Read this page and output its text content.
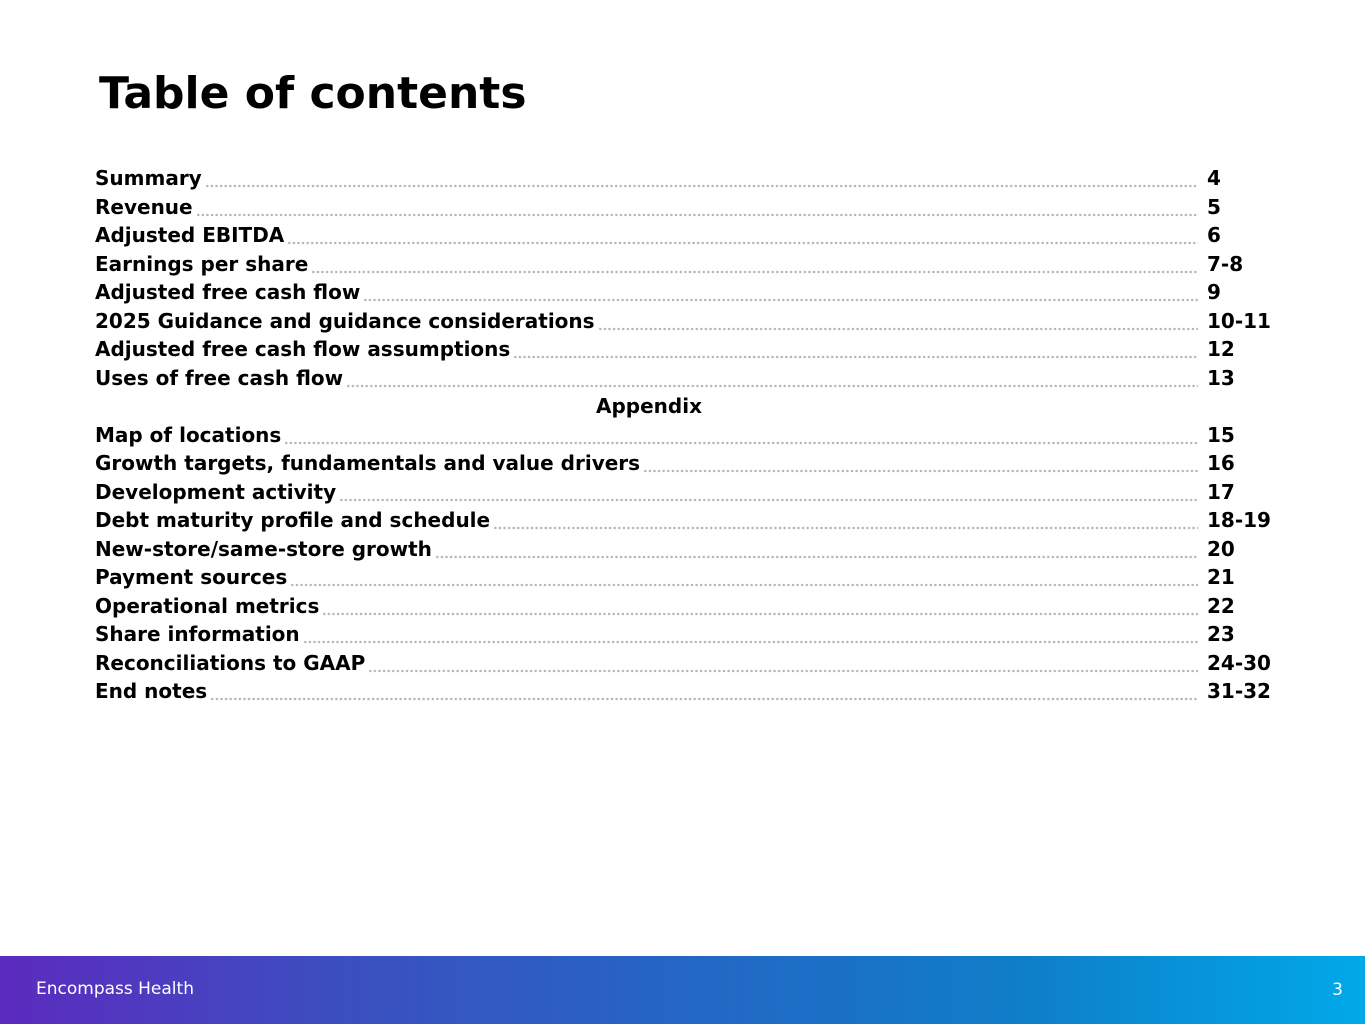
Table of contents
Summary	4
Revenue	5
Adjusted EBITDA	6
Earnings per share	7-8
Adjusted free cash flow	9
2025 Guidance and guidance considerations	10-11
Adjusted free cash flow assumptions	12
Uses of free cash flow	13
Appendix
Map of locations	15
Growth targets, fundamentals and value drivers	16
Development activity	17
Debt maturity profile and schedule	18-19
New-store/same-store growth	20
Payment sources	21
Operational metrics	22
Share information	23
Reconciliations to GAAP	24-30
End notes	31-32
Encompass Health	3
